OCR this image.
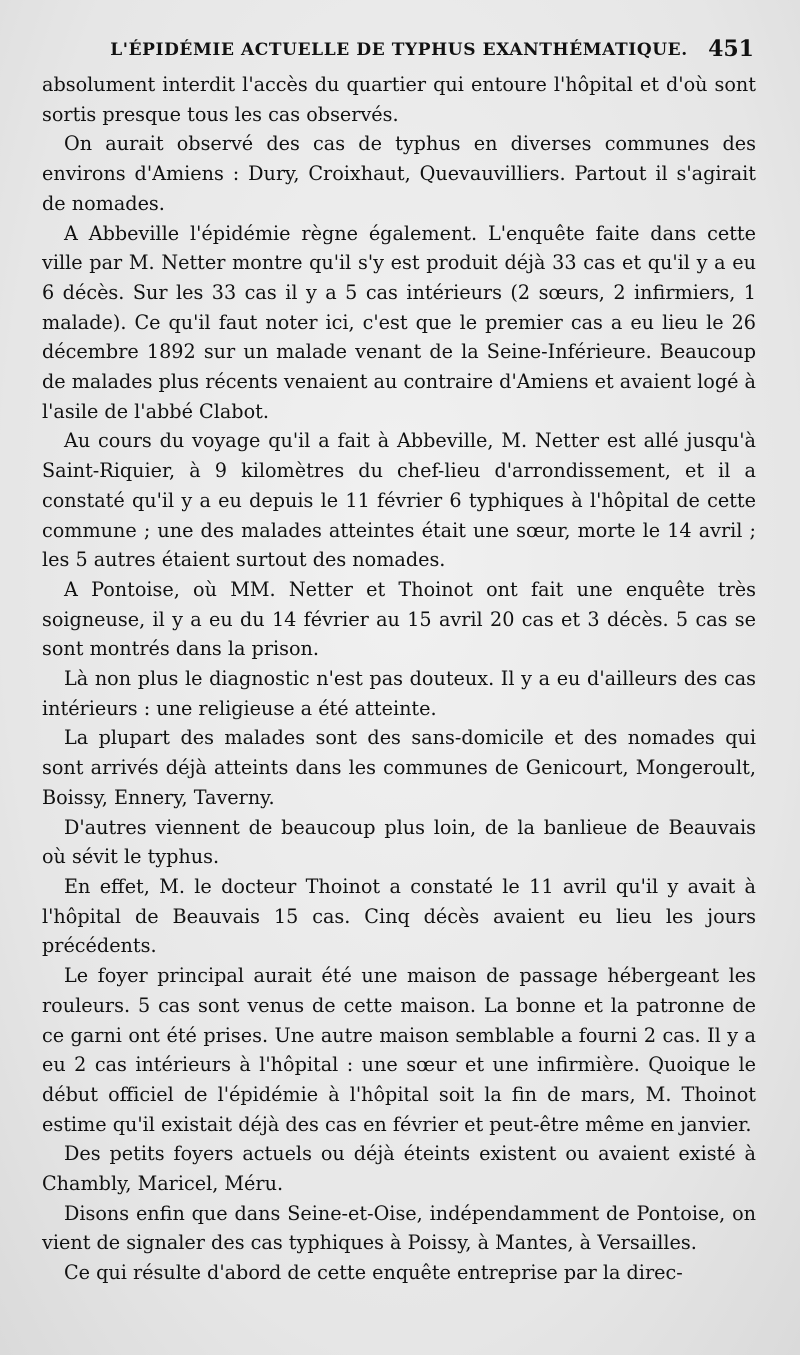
L'ÉPIDÉMIE ACTUELLE DE TYPHUS EXANTHÉMATIQUE. 451

absolument interdit l'accès du quartier qui entoure l'hôpital et d'où sont sortis presque tous les cas observés.

On aurait observé des cas de typhus en diverses communes des environs d'Amiens : Dury, Croixhaut, Quevauvilliers. Partout il s'agirait de nomades.

A Abbeville l'épidémie règne également. L'enquête faite dans cette ville par M. Netter montre qu'il s'y est produit déjà 33 cas et qu'il y a eu 6 décès. Sur les 33 cas il y a 5 cas intérieurs (2 sœurs, 2 infirmiers, 1 malade). Ce qu'il faut noter ici, c'est que le premier cas a eu lieu le 26 décembre 1892 sur un malade venant de la Seine-Inférieure. Beaucoup de malades plus récents venaient au contraire d'Amiens et avaient logé à l'asile de l'abbé Clabot.

Au cours du voyage qu'il a fait à Abbeville, M. Netter est allé jusqu'à Saint-Riquier, à 9 kilomètres du chef-lieu d'arrondissement, et il a constaté qu'il y a eu depuis le 11 février 6 typhiques à l'hôpital de cette commune ; une des malades atteintes était une sœur, morte le 14 avril ; les 5 autres étaient surtout des nomades.

A Pontoise, où MM. Netter et Thoinot ont fait une enquête très soigneuse, il y a eu du 14 février au 15 avril 20 cas et 3 décès. 5 cas se sont montrés dans la prison.

Là non plus le diagnostic n'est pas douteux. Il y a eu d'ailleurs des cas intérieurs : une religieuse a été atteinte.

La plupart des malades sont des sans-domicile et des nomades qui sont arrivés déjà atteints dans les communes de Genicourt, Mongeroult, Boissy, Ennery, Taverny.

D'autres viennent de beaucoup plus loin, de la banlieue de Beauvais où sévit le typhus.

En effet, M. le docteur Thoinot a constaté le 11 avril qu'il y avait à l'hôpital de Beauvais 15 cas. Cinq décès avaient eu lieu les jours précédents.

Le foyer principal aurait été une maison de passage hébergeant les rouleurs. 5 cas sont venus de cette maison. La bonne et la patronne de ce garni ont été prises. Une autre maison semblable a fourni 2 cas. Il y a eu 2 cas intérieurs à l'hôpital : une sœur et une infirmière. Quoique le début officiel de l'épidémie à l'hôpital soit la fin de mars, M. Thoinot estime qu'il existait déjà des cas en février et peut-être même en janvier.

Des petits foyers actuels ou déjà éteints existent ou avaient existé à Chambly, Maricel, Méru.

Disons enfin que dans Seine-et-Oise, indépendamment de Pontoise, on vient de signaler des cas typhiques à Poissy, à Mantes, à Versailles.

Ce qui résulte d'abord de cette enquête entreprise par la direc-
